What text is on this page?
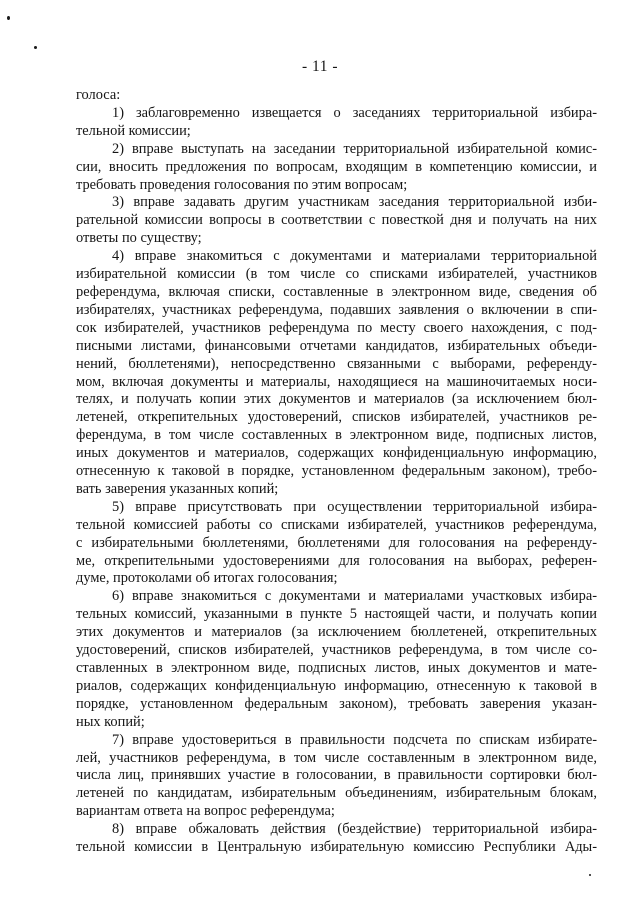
- 11 -
голоса:
1) заблаговременно извещается о заседаниях территориальной избира-
тельной комиссии;
2) вправе выступать на заседании территориальной избирательной комис-
сии, вносить предложения по вопросам, входящим в компетенцию комиссии, и
требовать проведения голосования по этим вопросам;
3) вправе задавать другим участникам заседания территориальной изби-
рательной комиссии вопросы в соответствии с повесткой дня и получать на них
ответы по существу;
4) вправе знакомиться с документами и материалами территориальной
избирательной комиссии (в том числе со списками избирателей, участников
референдума, включая списки, составленные в электронном виде, сведения об
избирателях, участниках референдума, подавших заявления о включении в спи-
сок избирателей, участников референдума по месту своего нахождения, с под-
писными листами, финансовыми отчетами кандидатов, избирательных объеди-
нений, бюллетенями), непосредственно связанными с выборами, референду-
мом, включая документы и материалы, находящиеся на машиночитаемых носи-
телях, и получать копии этих документов и материалов (за исключением бюл-
летеней, открепительных удостоверений, списков избирателей, участников ре-
ферендума, в том числе составленных в электронном виде, подписных листов,
иных документов и материалов, содержащих конфиденциальную информацию,
отнесенную к таковой в порядке, установленном федеральным законом), требо-
вать заверения указанных копий;
5) вправе присутствовать при осуществлении территориальной избира-
тельной комиссией работы со списками избирателей, участников референдума,
с избирательными бюллетенями, бюллетенями для голосования на референду-
ме, открепительными удостоверениями для голосования на выборах, референ-
думе, протоколами об итогах голосования;
6) вправе знакомиться с документами и материалами участковых избира-
тельных комиссий, указанными в пункте 5 настоящей части, и получать копии
этих документов и материалов (за исключением бюллетеней, открепительных
удостоверений, списков избирателей, участников референдума, в том числе со-
ставленных в электронном виде, подписных листов, иных документов и мате-
риалов, содержащих конфиденциальную информацию, отнесенную к таковой в
порядке, установленном федеральным законом), требовать заверения указан-
ных копий;
7) вправе удостовериться в правильности подсчета по спискам избирате-
лей, участников референдума, в том числе составленным в электронном виде,
числа лиц, принявших участие в голосовании, в правильности сортировки бюл-
летеней по кандидатам, избирательным объединениям, избирательным блокам,
вариантам ответа на вопрос референдума;
8) вправе обжаловать действия (бездействие) территориальной избира-
тельной комиссии в Центральную избирательную комиссию Республики Ады-
